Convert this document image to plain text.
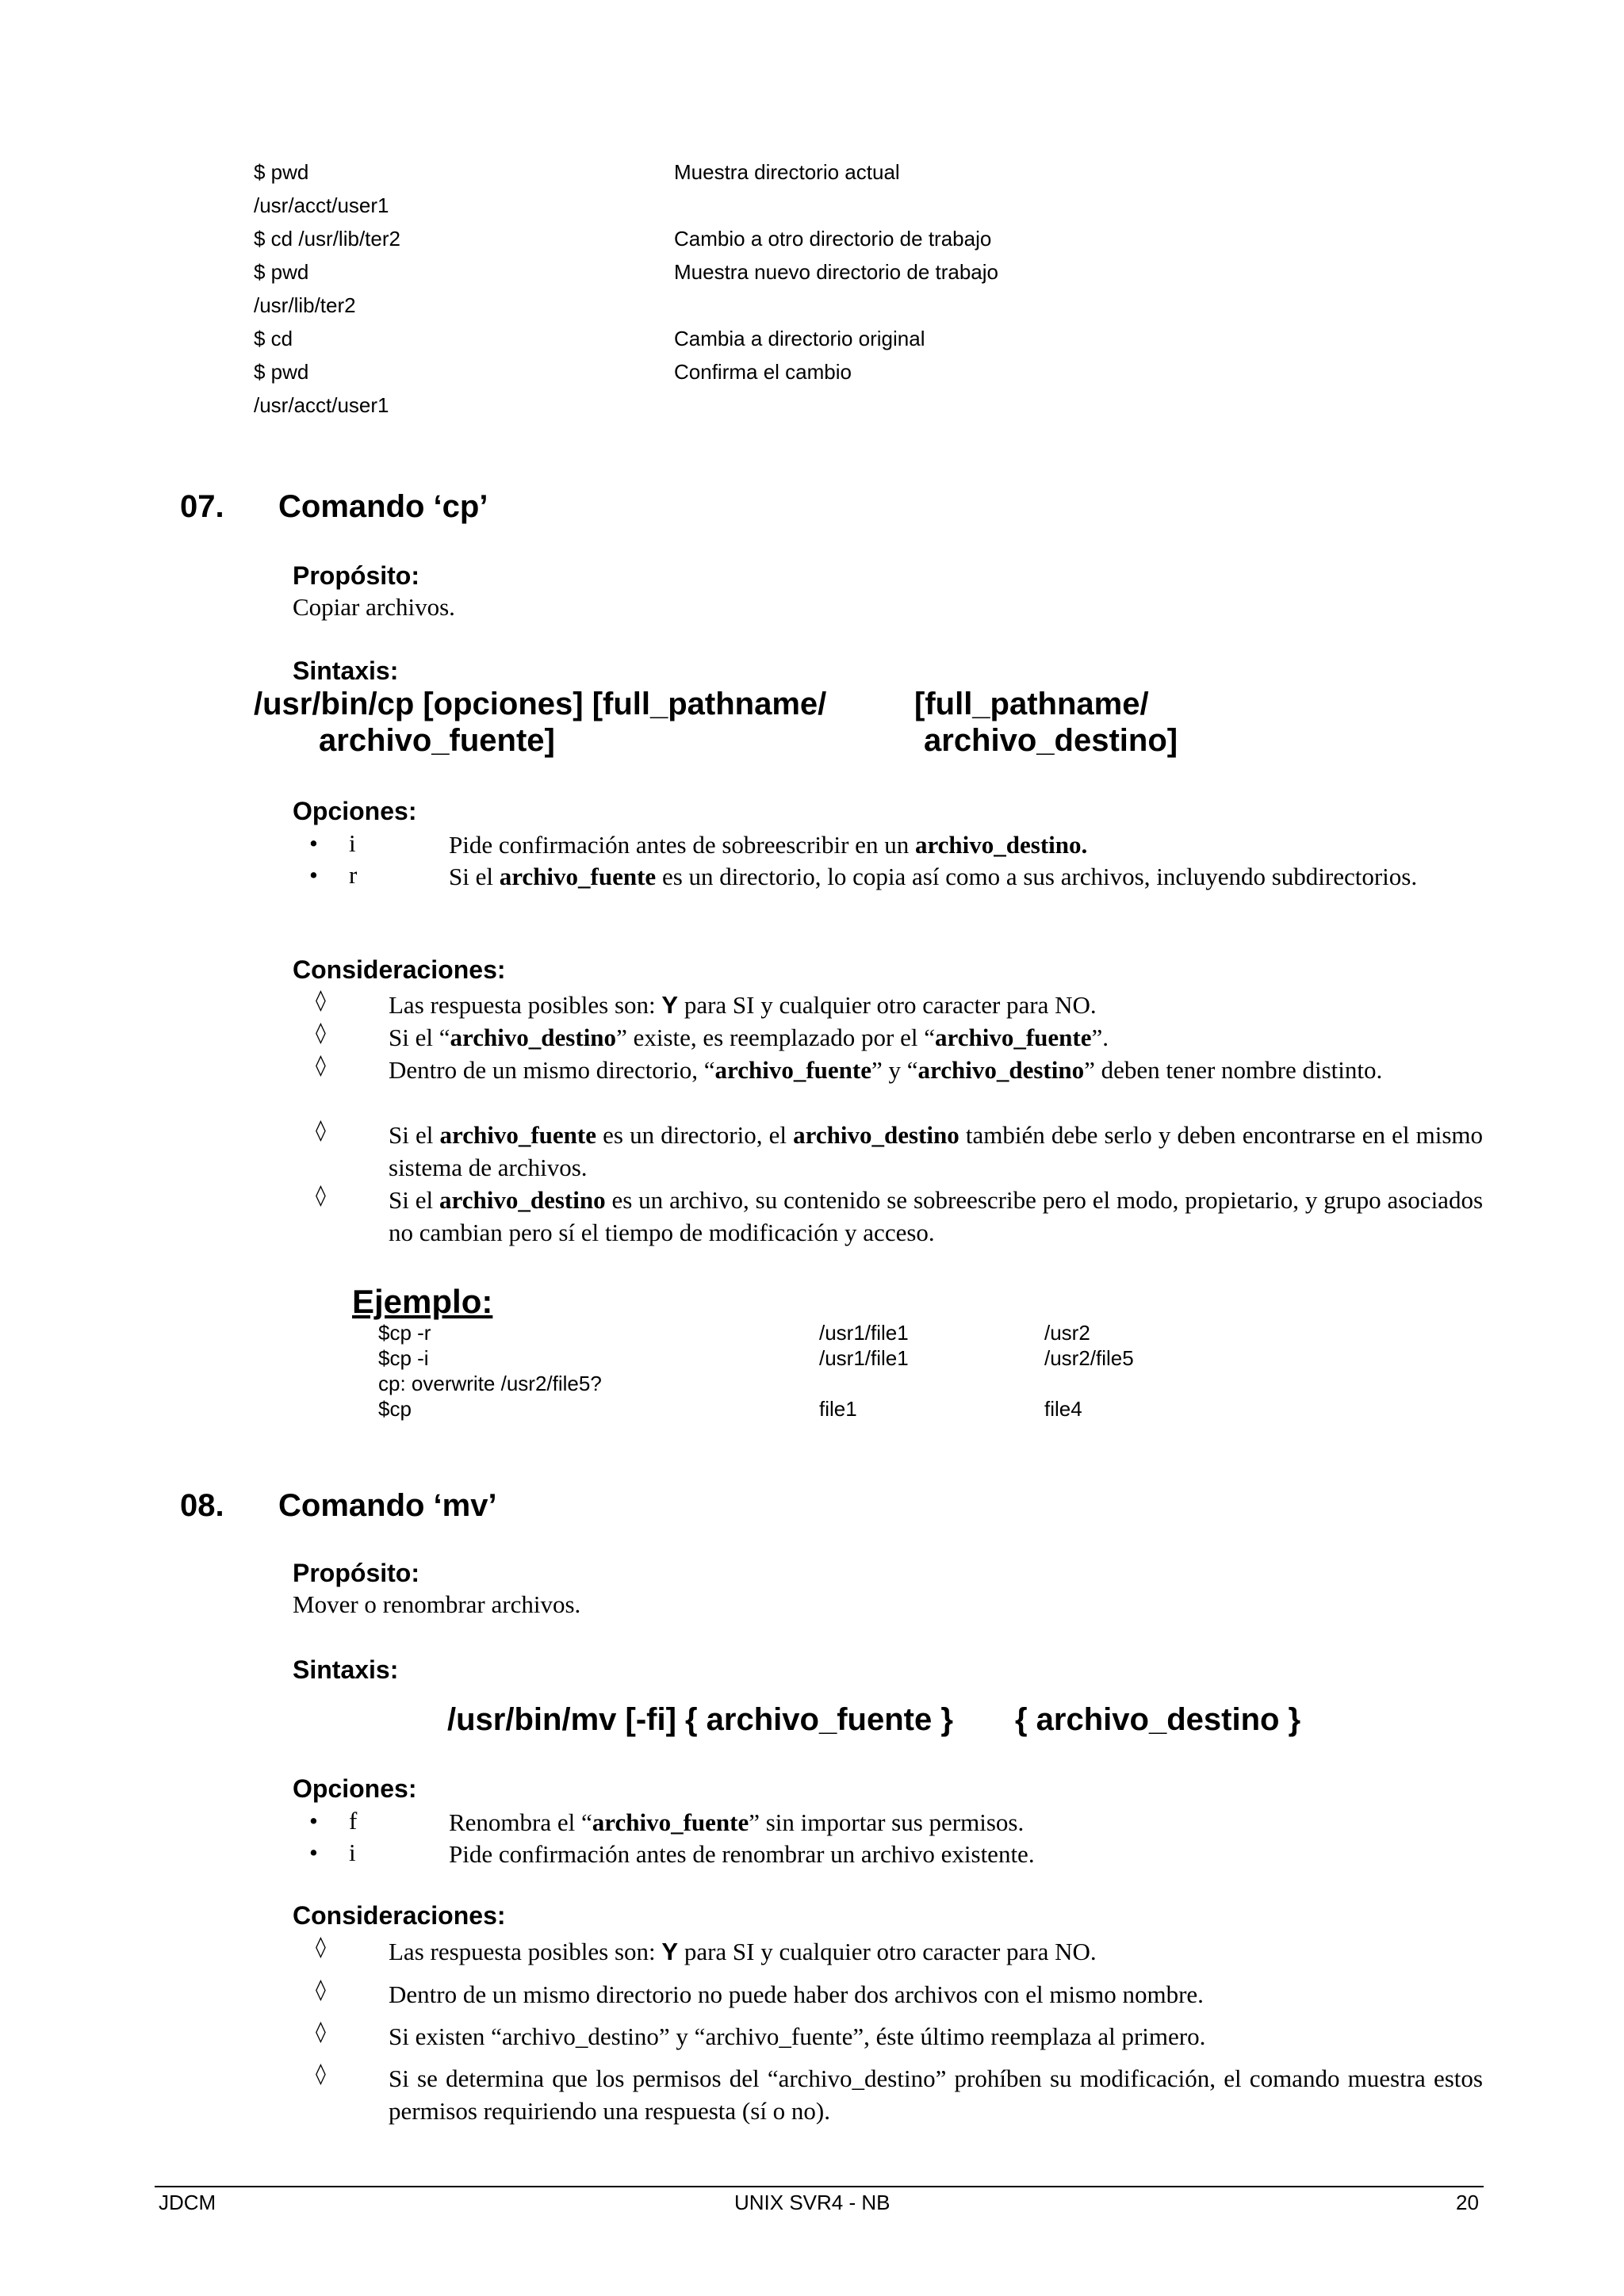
$ pwd	Muestra directorio actual
/usr/acct/user1
$ cd /usr/lib/ter2	Cambio a otro directorio de trabajo
$ pwd	Muestra nuevo directorio de trabajo
/usr/lib/ter2
$ cd	Cambia a directorio original
$ pwd	Confirma el cambio
/usr/acct/user1
07. Comando ‘cp’
Propósito:
Copiar archivos.
Sintaxis:
/usr/bin/cp [opciones] [full_pathname/	[full_pathname/
archivo_fuente]	archivo_destino]
Opciones:
• i	Pide confirmación antes de sobreescribir en un archivo_destino.
• r	Si el archivo_fuente es un directorio, lo copia así como a sus archivos, incluyendo subdirectorios.
Consideraciones:
◊	Las respuesta posibles son: Y para SI y cualquier otro caracter para NO.
◊	Si el “archivo_destino” existe, es reemplazado por el “archivo_fuente”.
◊	Dentro de un mismo directorio, “archivo_fuente” y “archivo_destino” deben tener nombre distinto.
◊	Si el archivo_fuente es un directorio, el archivo_destino también debe serlo y deben encontrarse en el mismo sistema de archivos.
◊	Si el archivo_destino es un archivo, su contenido se sobreescribe pero el modo, propietario, y grupo asociados no cambian pero sí el tiempo de modificación y acceso.
Ejemplo:
$cp -r	/usr1/file1	/usr2
$cp -i	/usr1/file1	/usr2/file5
cp: overwrite /usr2/file5?
$cp	file1	file4
08. Comando ‘mv’
Propósito:
Mover o renombrar archivos.
Sintaxis:
/usr/bin/mv [-fi] { archivo_fuente } { archivo_destino }
Opciones:
• f	Renombra el “archivo_fuente” sin importar sus permisos.
• i	Pide confirmación antes de renombrar un archivo existente.
Consideraciones:
◊	Las respuesta posibles son: Y para SI y cualquier otro caracter para NO.
◊	Dentro de un mismo directorio no puede haber dos archivos con el mismo nombre.
◊	Si existen “archivo_destino” y “archivo_fuente”, éste último reemplaza al primero.
◊	Si se determina que los permisos del “archivo_destino” prohíben su modificación, el comando muestra estos permisos requiriendo una respuesta (sí o no).
JDCM	UNIX SVR4 - NB	20
